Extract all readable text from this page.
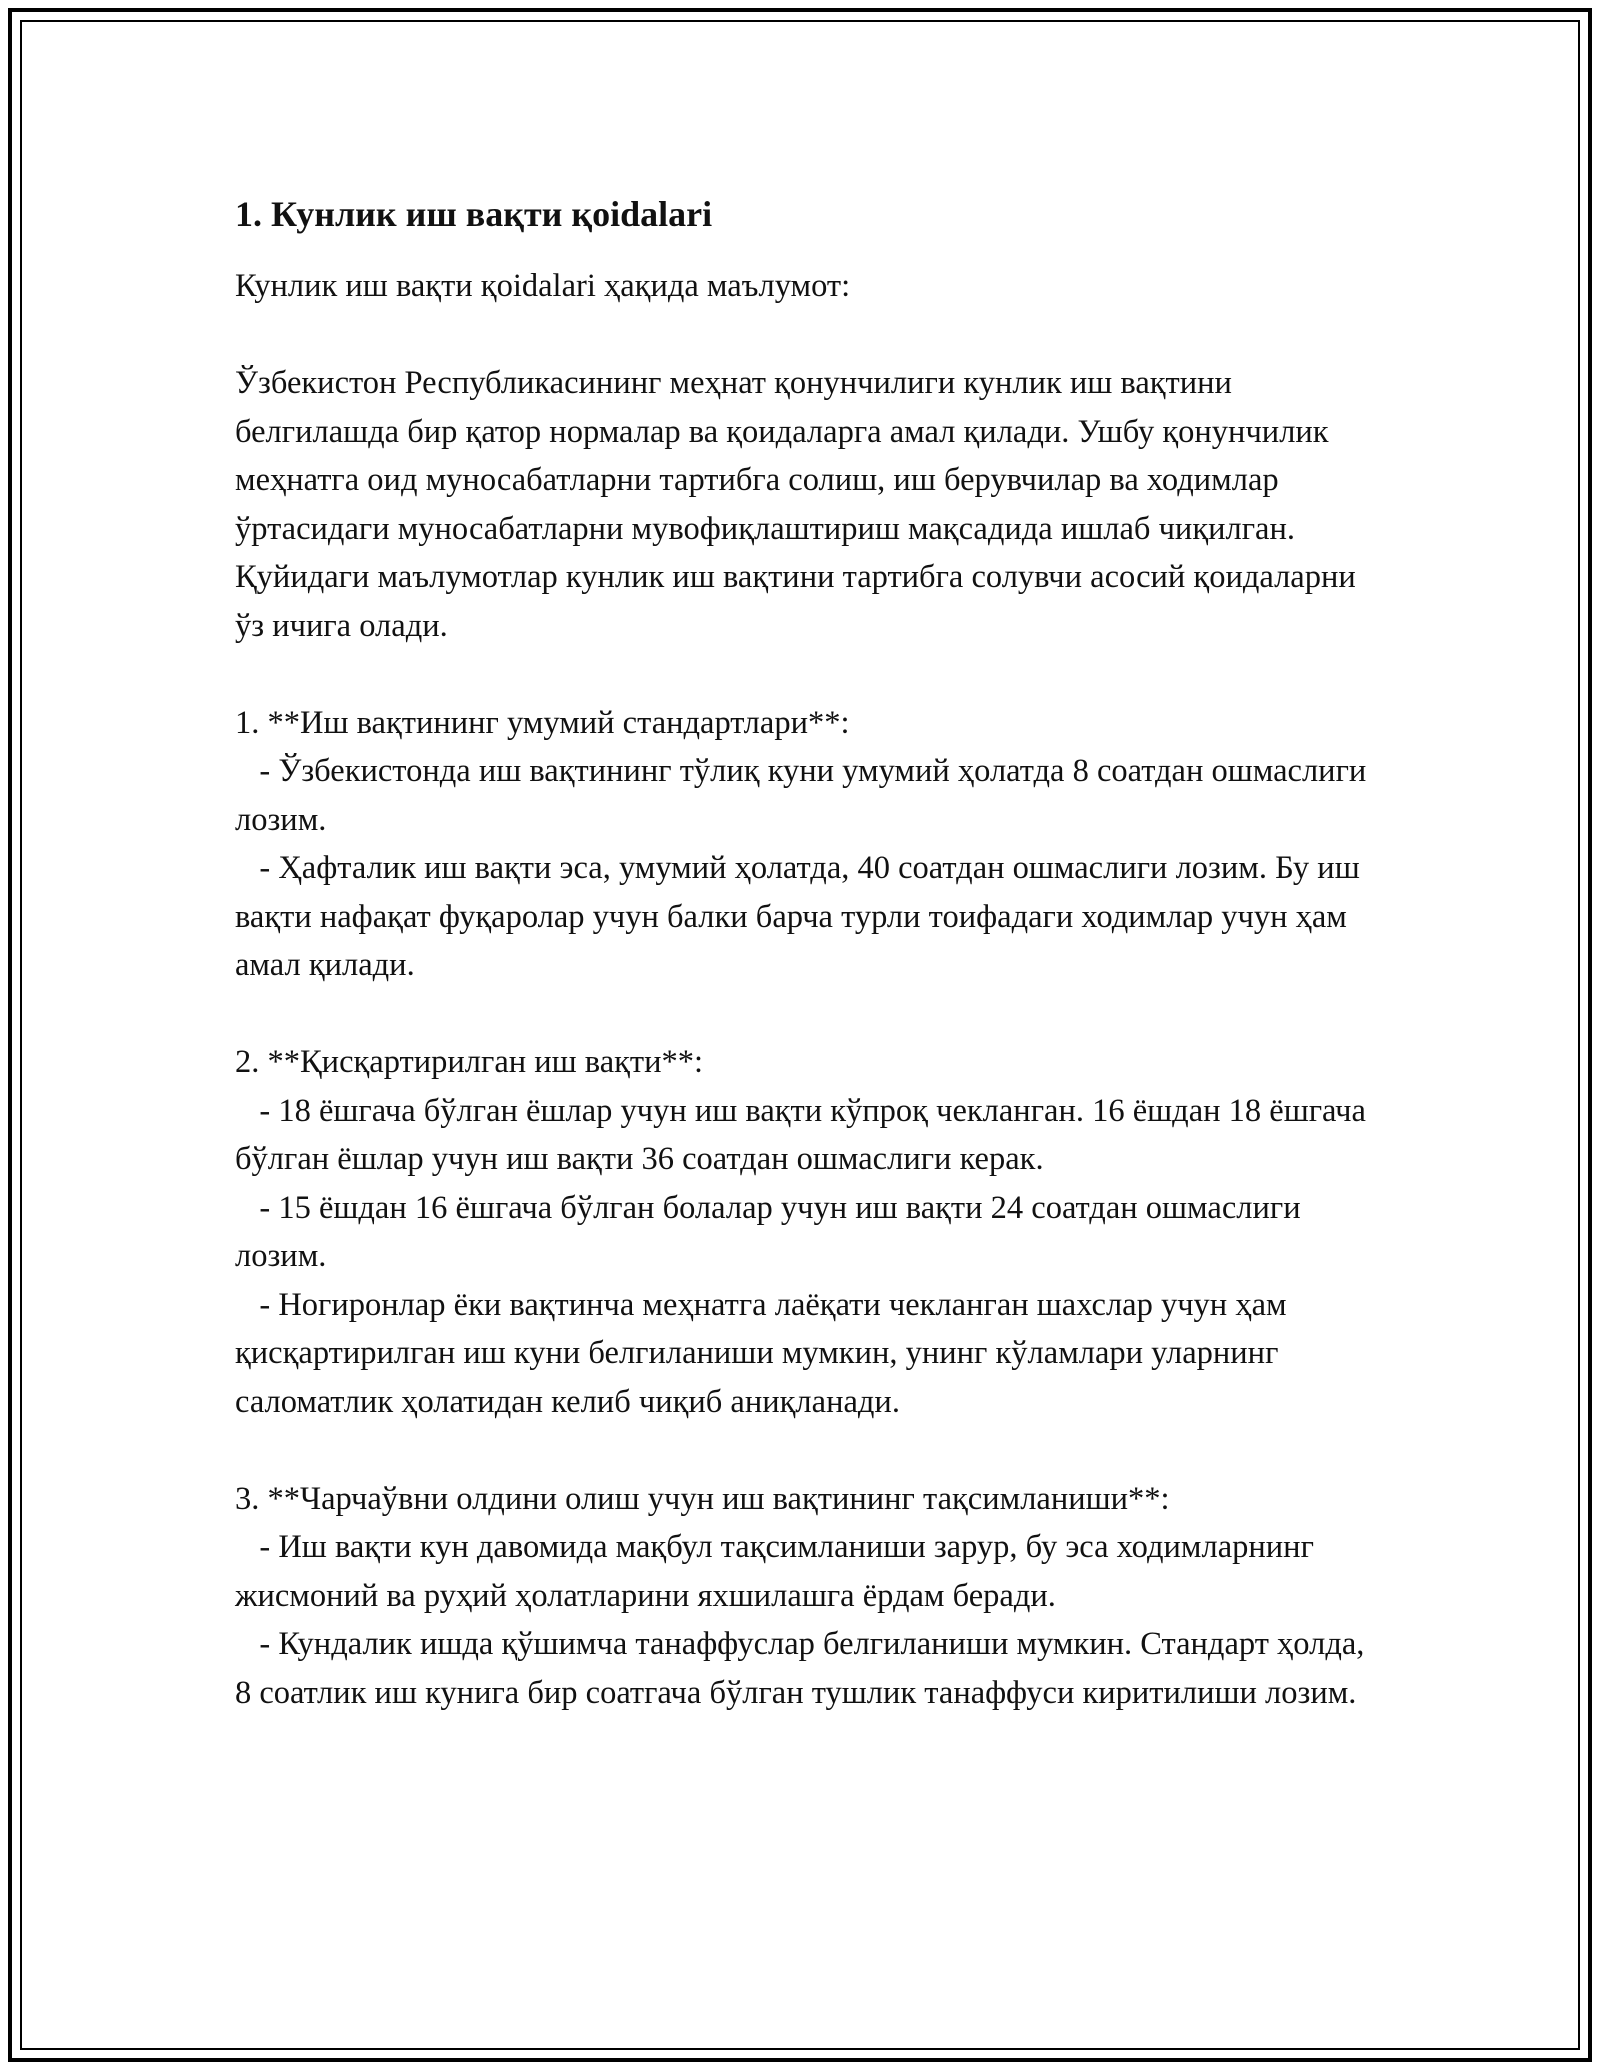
1. Кунлик иш вақти қoidalari

Кунлик иш вақти қoidalari ҳақида маълумот:

Ўзбекистон Республикасининг меҳнат қонунчилиги кунлик иш вақтини белгилашда бир қатор нормалар ва қоидаларга амал қилади. Ушбу қонунчилик меҳнатга оид муносабатларни тартибга солиш, иш берувчилар ва ходимлар ўртасидаги муносабатларни мувофиқлаштириш мақсадида ишлаб чиқилган. Қуйидаги маълумотлар кунлик иш вақтини тартибга солувчи асосий қоидаларни ўз ичига олади.

1. **Иш вақтининг умумий стандартлари**:

- Ўзбекистонда иш вақтининг тўлиқ куни умумий ҳолатда 8 соатдан ошмаслиги лозим.

- Ҳафталик иш вақти эса, умумий ҳолатда, 40 соатдан ошмаслиги лозим. Бу иш вақти нафақат фуқаролар учун балки барча турли тоифадаги ходимлар учун ҳам амал қилади.

2. **Қисқартирилган иш вақти**:

- 18 ёшгача бўлган ёшлар учун иш вақти кўпроқ чекланган. 16 ёшдан 18 ёшгача бўлган ёшлар учун иш вақти 36 соатдан ошмаслиги керак.

- 15 ёшдан 16 ёшгача бўлган болалар учун иш вақти 24 соатдан ошмаслиги лозим.

- Ногиронлар ёки вақтинча меҳнатга лаёқати чекланган шахслар учун ҳам қисқартирилган иш куни белгиланиши мумкин, унинг кўламлари уларнинг саломатлик ҳолатидан келиб чиқиб аниқланади.

3. **Чарчаўвни олдини олиш учун иш вақтининг тақсимланиши**:

- Иш вақти кун давомида мақбул тақсимланиши зарур, бу эса ходимларнинг жисмоний ва руҳий ҳолатларини яхшилашга ёрдам беради.

- Кундалик ишда қўшимча танаффуслар белгиланиши мумкин. Стандарт ҳолда, 8 соатлик иш кунига бир соатгача бўлган тушлик танаффуси киритилиши лозим.
